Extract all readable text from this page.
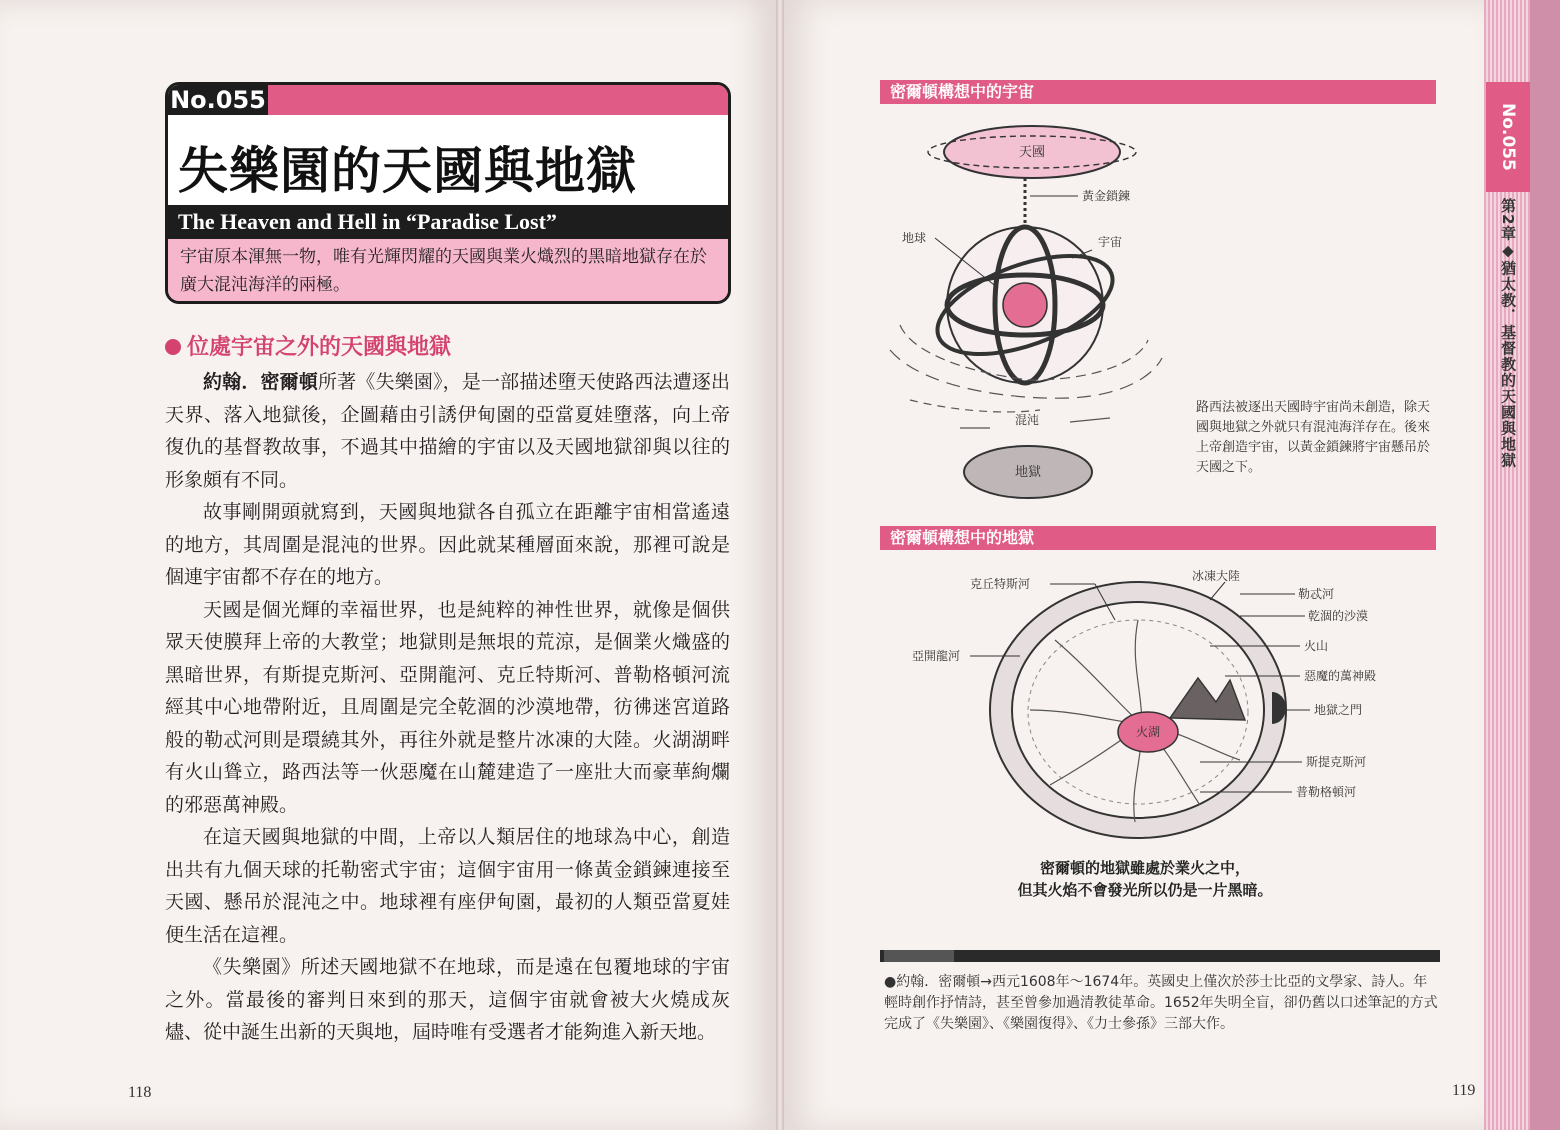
No.055
失樂園的天國與地獄
The Heaven and Hell in “Paradise Lost”
宇宙原本渾無一物，唯有光輝閃耀的天國與業火熾烈的黑暗地獄存在於廣大混沌海洋的兩極。
位處宇宙之外的天國與地獄

約翰．密爾頓所著《失樂園》，是一部描述墮天使路西法遭逐出天界、落入地獄後，企圖藉由引誘伊甸園的亞當夏娃墮落，向上帝復仇的基督教故事，不過其中描繪的宇宙以及天國地獄卻與以往的形象頗有不同。

故事剛開頭就寫到，天國與地獄各自孤立在距離宇宙相當遙遠的地方，其周圍是混沌的世界。因此就某種層面來說，那裡可說是個連宇宙都不存在的地方。

天國是個光輝的幸福世界，也是純粹的神性世界，就像是個供眾天使膜拜上帝的大教堂；地獄則是無垠的荒涼，是個業火熾盛的黑暗世界，有斯提克斯河、亞開龍河、克丘特斯河、普勒格頓河流經其中心地帶附近，且周圍是完全乾涸的沙漠地帶，彷彿迷宮道路般的勒忒河則是環繞其外，再往外就是整片冰凍的大陸。火湖湖畔有火山聳立，路西法等一伙惡魔在山麓建造了一座壯大而豪華絢爛的邪惡萬神殿。

在這天國與地獄的中間，上帝以人類居住的地球為中心，創造出共有九個天球的托勒密式宇宙；這個宇宙用一條黃金鎖鍊連接至天國、懸吊於混沌之中。地球裡有座伊甸園，最初的人類亞當夏娃便生活在這裡。

《失樂園》所述天國地獄不在地球，而是遠在包覆地球的宇宙之外。當最後的審判日來到的那天，這個宇宙就會被大火燒成灰燼、從中誕生出新的天與地，屆時唯有受選者才能夠進入新天地。

118
密爾頓構想中的宇宙
天國
黃金鎖鍊
地球	宇宙
混沌
地獄
路西法被逐出天國時宇宙尚未創造，除天國與地獄之外就只有混沌海洋存在。後來上帝創造宇宙，以黃金鎖鍊將宇宙懸吊於天國之下。
密爾頓構想中的地獄
火湖
克丘特斯河
亞開龍河
冰凍大陸
勒忒河
乾涸的沙漠
火山
惡魔的萬神殿
地獄之門
斯提克斯河
普勒格頓河
密爾頓的地獄雖處於業火之中，
但其火焰不會發光所以仍是一片黑暗。
●約翰．密爾頓→西元1608年～1674年。英國史上僅次於莎士比亞的文學家、詩人。年輕時創作抒情詩，甚至曾參加過清教徒革命。1652年失明全盲，卻仍舊以口述筆記的方式完成了《失樂園》、《樂園復得》、《力士參孫》三部大作。
No.055
第2章◆猶太教．基督教的天國與地獄
119
